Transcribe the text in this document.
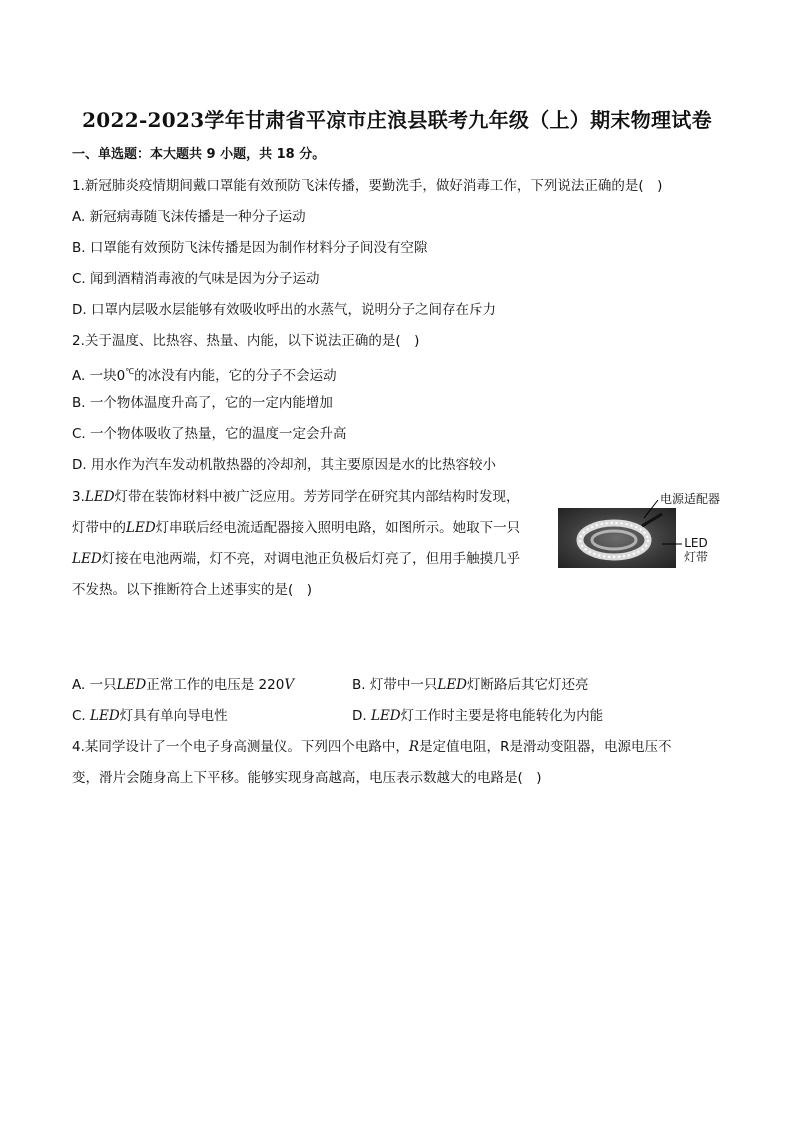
2022-2023学年甘肃省平凉市庄浪县联考九年级（上）期末物理试卷
一、单选题：本大题共 9 小题，共 18 分。
1.新冠肺炎疫情期间戴口罩能有效预防飞沫传播，要勤洗手，做好消毒工作，下列说法正确的是(　)
A. 新冠病毒随飞沫传播是一种分子运动
B. 口罩能有效预防飞沫传播是因为制作材料分子间没有空隙
C. 闻到酒精消毒液的气味是因为分子运动
D. 口罩内层吸水层能够有效吸收呼出的水蒸气，说明分子之间存在斥力
2.关于温度、比热容、热量、内能，以下说法正确的是(　)
A. 一块0℃的冰没有内能，它的分子不会运动
B. 一个物体温度升高了，它的一定内能增加
C. 一个物体吸收了热量，它的温度一定会升高
D. 用水作为汽车发动机散热器的冷却剂，其主要原因是水的比热容较小
3.LED灯带在装饰材料中被广泛应用。芳芳同学在研究其内部结构时发现，
灯带中的LED灯串联后经电流适配器接入照明电路，如图所示。她取下一只
LED灯接在电池两端，灯不亮，对调电池正负极后灯亮了，但用手触摸几乎
不发热。以下推断符合上述事实的是(　)
电源适配器
LED
灯带
A. 一只LED正常工作的电压是 220V	B. 灯带中一只LED灯断路后其它灯还亮
C. LED灯具有单向导电性	D. LED灯工作时主要是将电能转化为内能
4.某同学设计了一个电子身高测量仪。下列四个电路中，R是定值电阻，R是滑动变阻器，电源电压不
变，滑片会随身高上下平移。能够实现身高越高，电压表示数越大的电路是(　)
